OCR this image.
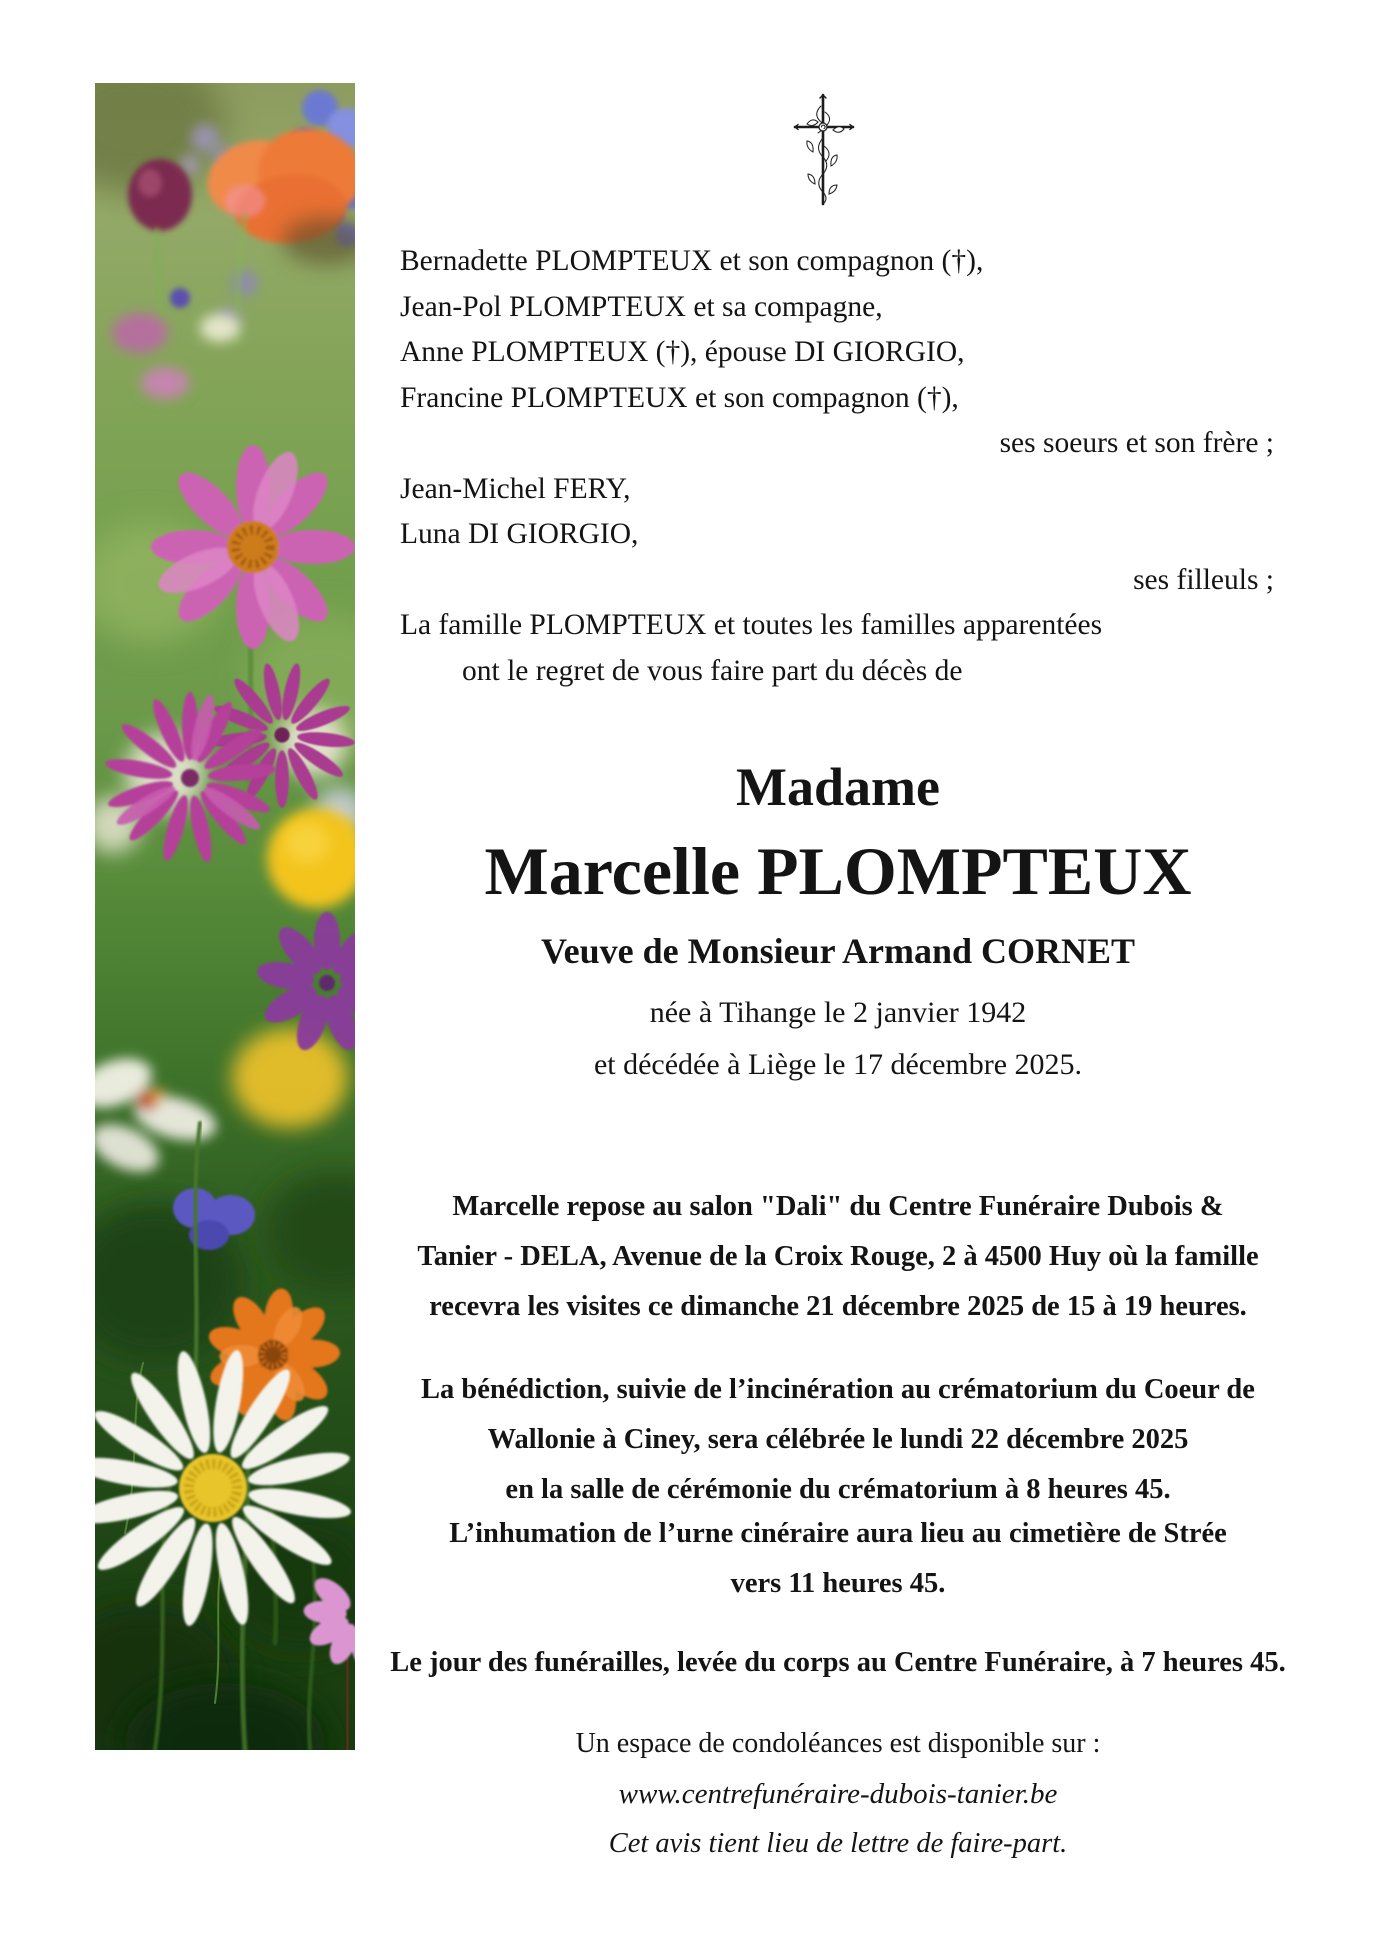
Bernadette PLOMPTEUX et son compagnon (†),
Jean-Pol PLOMPTEUX et sa compagne,
Anne PLOMPTEUX (†), épouse DI GIORGIO,
Francine PLOMPTEUX et son compagnon (†),
ses soeurs et son frère ;
Jean-Michel FERY,
Luna DI GIORGIO,
ses filleuls ;
La famille PLOMPTEUX et toutes les familles apparentées
ont le regret de vous faire part du décès de
Madame
Marcelle PLOMPTEUX
Veuve de Monsieur Armand CORNET
née à Tihange le 2 janvier 1942
et décédée à Liège le 17 décembre 2025.
Marcelle repose au salon "Dali" du Centre Funéraire Dubois &
Tanier - DELA, Avenue de la Croix Rouge, 2 à 4500 Huy où la famille
recevra les visites ce dimanche 21 décembre 2025 de 15 à 19 heures.
La bénédiction, suivie de l’incinération au crématorium du Coeur de
Wallonie à Ciney, sera célébrée le lundi 22 décembre 2025
en la salle de cérémonie du crématorium à 8 heures 45.
L’inhumation de l’urne cinéraire aura lieu au cimetière de Strée
vers 11 heures 45.
Le jour des funérailles, levée du corps au Centre Funéraire, à 7 heures 45.
Un espace de condoléances est disponible sur :
www.centrefunéraire-dubois-tanier.be
Cet avis tient lieu de lettre de faire-part.
